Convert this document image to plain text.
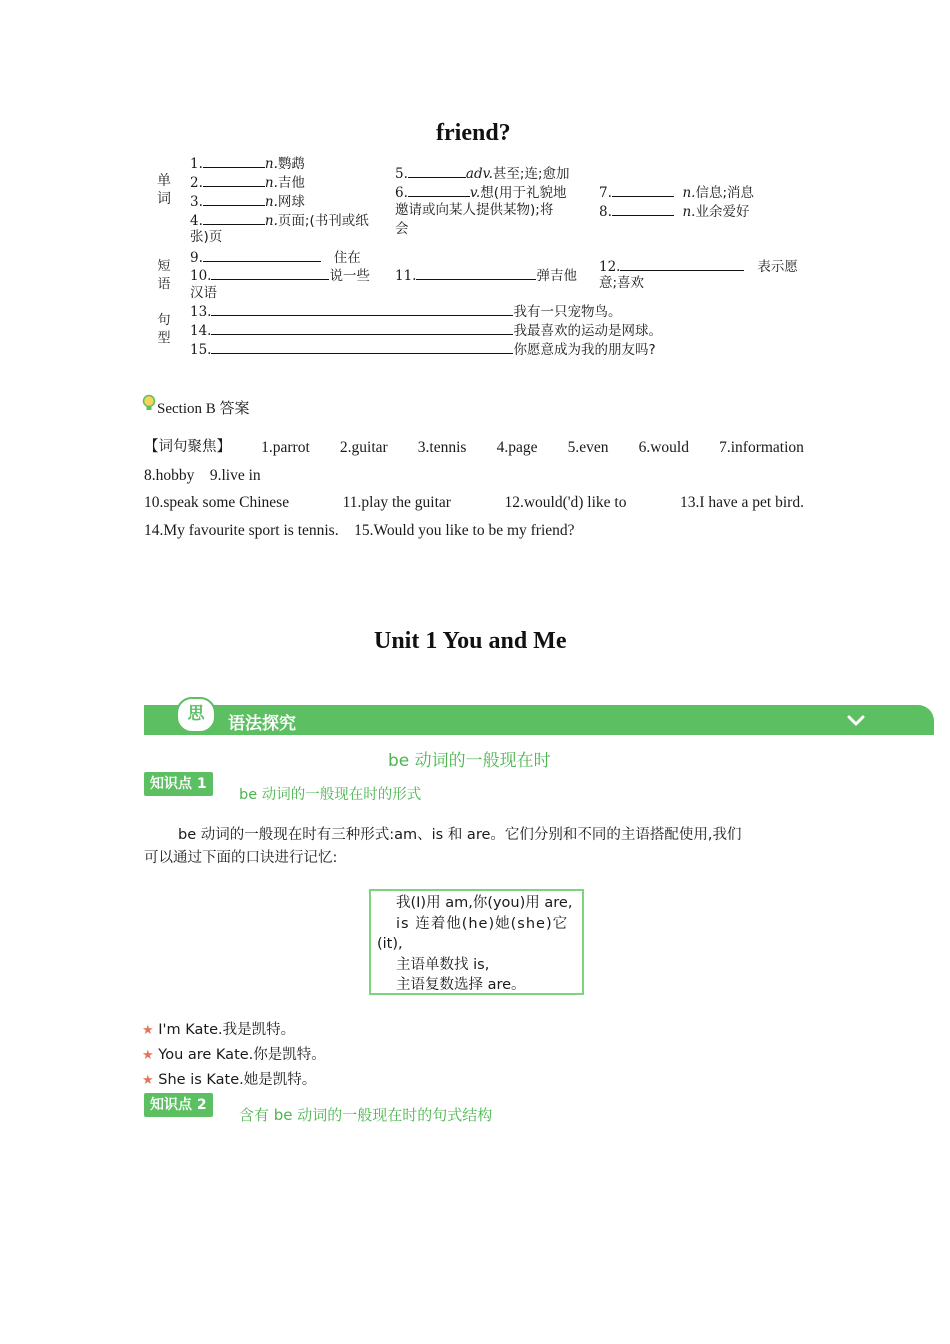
friend?
单
词
短
语
句
型
1.	n.鹦鹉
2.	n.吉他
3.	n.网球
4.	n.页面;(书刊或纸
张)页
5.	adv.甚至;连;愈加
6.	v.想(用于礼貌地
邀请或向某人提供某物);将
会
7.	n.信息;消息
8.	n.业余爱好
9.	住在
10.	说一些
汉语
11.	弹吉他
12.	表示愿
意;喜欢
13.	我有一只宠物鸟。
14.	我最喜欢的运动是网球。
15.	你愿意成为我的朋友吗?
Section B 答案
【词句聚焦】 1.parrot 2.guitar 3.tennis 4.page 5.even 6.would 7.information
8.hobby 9.live in
10.speak some Chinese	11.play the guitar	12.would('d) like to	13.I have a pet bird.
14.My favourite sport is tennis. 15.Would you like to be my friend?
Unit 1 You and Me
思	语法探究
be 动词的一般现在时
知识点 1
be 动词的一般现在时的形式
be 动词的一般现在时有三种形式:am、is 和 are。它们分别和不同的主语搭配使用,我们
可以通过下面的口诀进行记忆:
我(I)用 am,你(you)用 are,
is 连着他(he)她(she)它
(it),
主语单数找 is,
主语复数选择 are。
★ I'm Kate.我是凯特。
★ You are Kate.你是凯特。
★ She is Kate.她是凯特。
知识点 2
含有 be 动词的一般现在时的句式结构
